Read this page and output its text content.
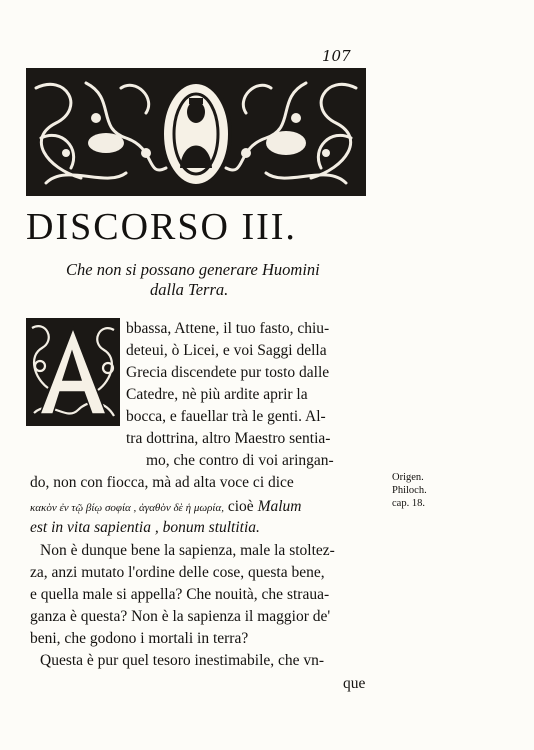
107
DISCORSO III.
Che non si possano generare Huomini
dalla Terra.
bbassa, Attene, il tuo fasto, chiu-
deteui, ò Licei, e voi Saggi della
Grecia discendete pur tosto dalle
Catedre, nè più ardite aprir la
bocca, e fauellar trà le genti. Al-
tra dottrina, altro Maestro sentia-
mo, che contro di voi aringan-
do, non con fiocca, mà ad alta voce ci dice
κακὸν ἐν τῷ βίῳ σοφία , ἀγαθὸν δὲ ἡ μωρία, cioè Malum
est in vita sapientia , bonum stultitia.
Non è dunque bene la sapienza, male la stoltez-
za, anzi mutato l'ordine delle cose, questa bene,
e quella male si appella? Che nouità, che strauа-
ganza è questa? Non è la sapienza il maggior de'
beni, che godono i mortali in terra?
Questa è pur quel tesoro inestimabile, che vn-
que
Origen.
Philoch.
cap. 18.
